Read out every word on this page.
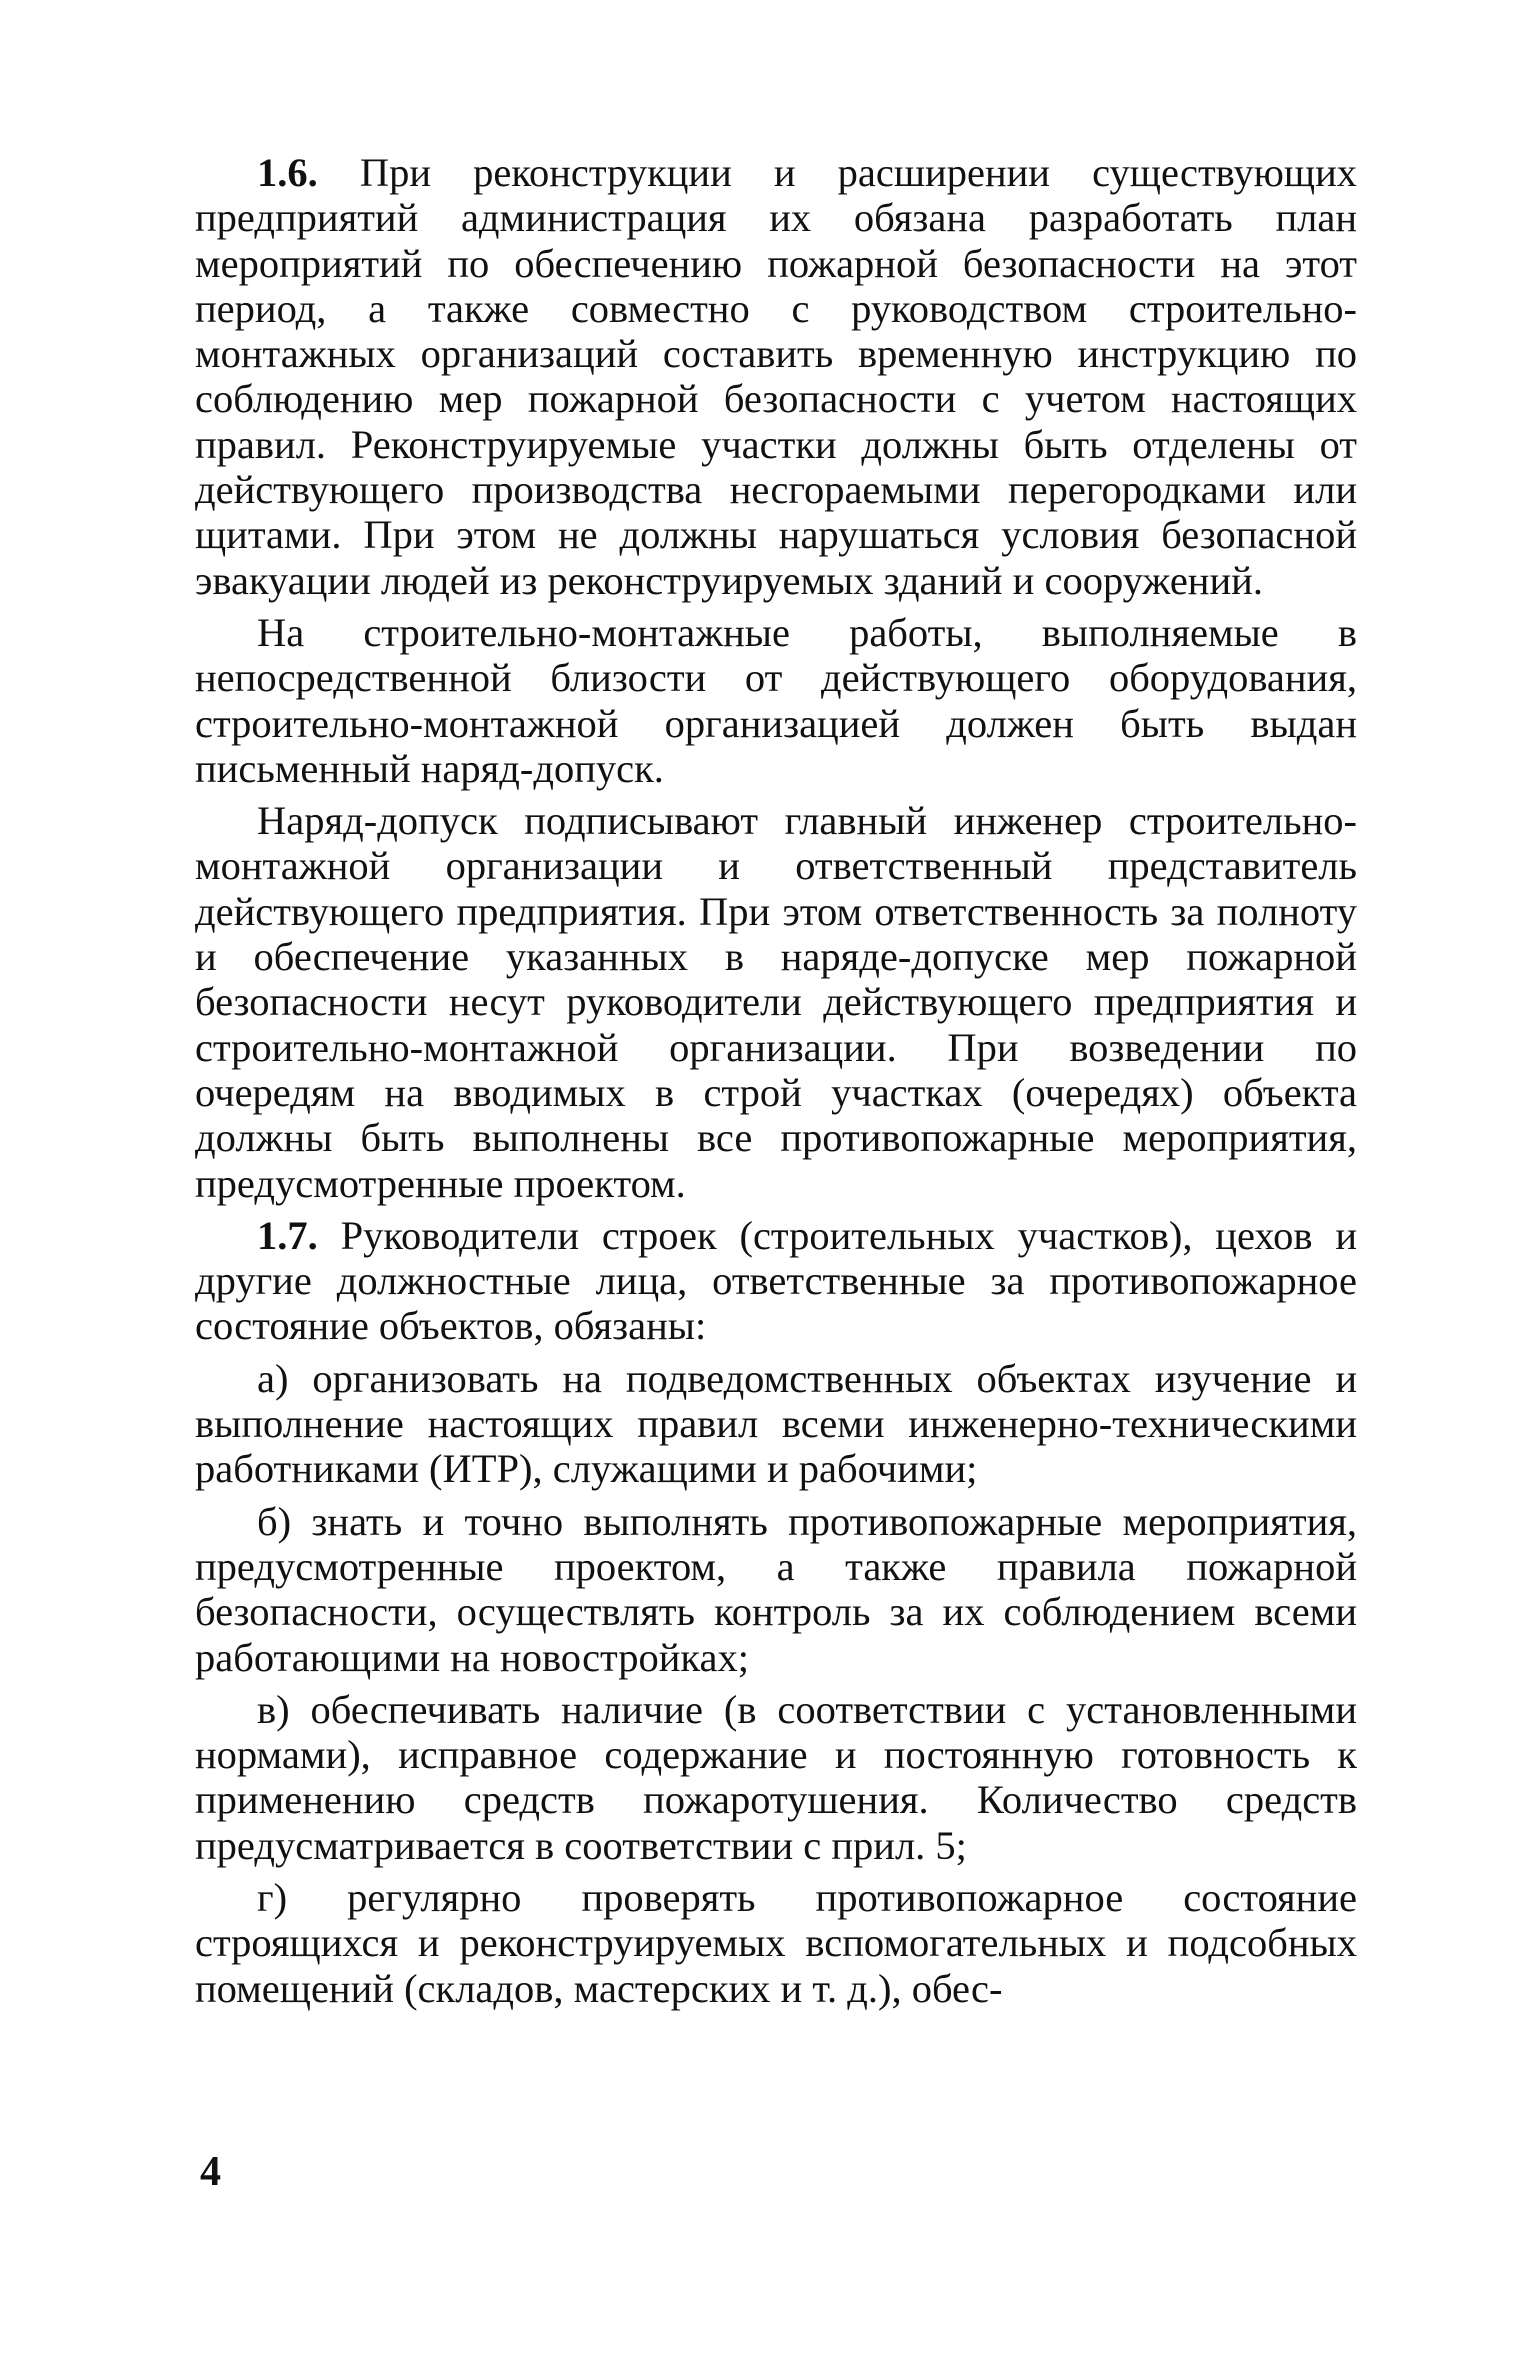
1.6. При реконструкции и расширении существующих предприятий администрация их обязана разработать план мероприятий по обеспечению пожарной безопасности на этот период, а также совместно с руководством строительно-монтажных организаций составить временную инструкцию по соблюдению мер пожарной безопасности с учетом настоящих правил. Реконструируемые участки должны быть отделены от действующего производства несгораемыми перегородками или щитами. При этом не должны нарушаться условия безопасной эвакуации людей из реконструируемых зданий и сооружений.

На строительно-монтажные работы, выполняемые в непосредственной близости от действующего оборудования, строительно-монтажной организацией должен быть выдан письменный наряд-допуск.

Наряд-допуск подписывают главный инженер строительно-монтажной организации и ответственный представитель действующего предприятия. При этом ответственность за полноту и обеспечение указанных в наряде-допуске мер пожарной безопасности несут руководители действующего предприятия и строительно-монтажной организации. При возведении по очередям на вводимых в строй участках (очередях) объекта должны быть выполнены все противопожарные мероприятия, предусмотренные проектом.

1.7. Руководители строек (строительных участков), цехов и другие должностные лица, ответственные за противопожарное состояние объектов, обязаны:

а) организовать на подведомственных объектах изучение и выполнение настоящих правил всеми инженерно-техническими работниками (ИТР), служащими и рабочими;

б) знать и точно выполнять противопожарные мероприятия, предусмотренные проектом, а также правила пожарной безопасности, осуществлять контроль за их соблюдением всеми работающими на новостройках;

в) обеспечивать наличие (в соответствии с установленными нормами), исправное содержание и постоянную готовность к применению средств пожаротушения. Количество средств предусматривается в соответствии с прил. 5;

г) регулярно проверять противопожарное состояние строящихся и реконструируемых вспомогательных и подсобных помещений (складов, мастерских и т. д.), обес-

4
